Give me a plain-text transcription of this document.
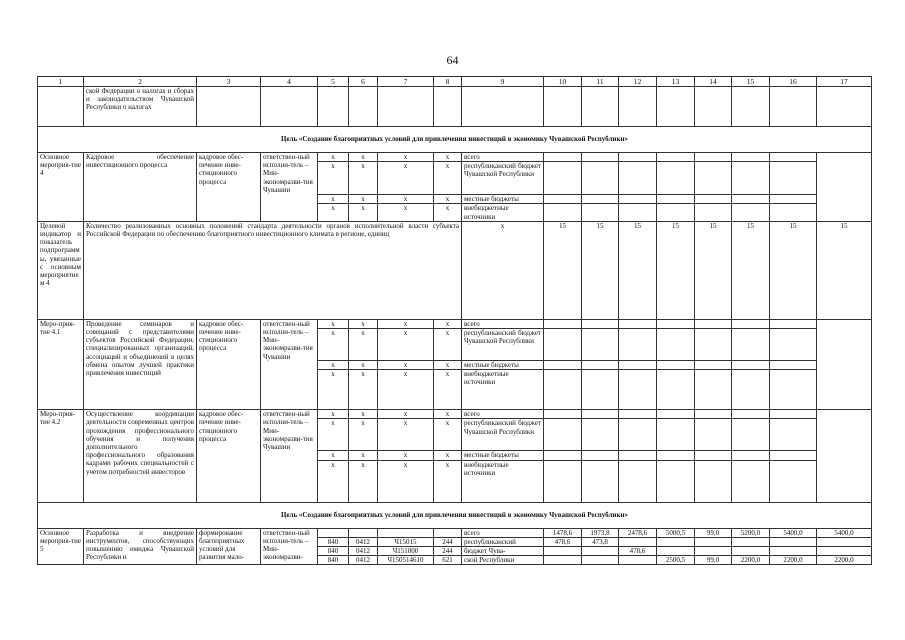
64
1	2	3	4	5	6	7	8	9	10	11	12	13	14	15	16	17
	ской Федерации о налогах и сборах и законодательством Чувашской Республики о налогах															
Цель «Создание благоприятных условий для привлечения инвестиций в экономику Чувашской Республики»																
Основное мероприя-тие 4	Кадровое обеспечение инвестиционного процесса	кадровое обес-печение инве-стиционного процесса	ответствен-ный исполни-тель – Мин-экономразви-тия Чувашии	x	x	x	x	всего								
				x	x	x	x	республиканский бюджет Чувашской Республики								
				x	x	x	x	местные бюджеты								
				x	x	x	x	внебюджетные источники								
Целевой индикатор и показатель подпрограммы, увязанные с основным мероприятием 4	Количество реализованных основных положений стандарта деятельности органов исполнительной власти субъекта Российской Федерации по обеспечению благоприятного инвестиционного климата в регионе, единиц							x	15	15	15	15	15	15	15	15
Меро-прия-тие 4.1	Проведение семинаров и совещаний с представителями субъектов Российской Федерации, специализированных организаций, ассоциаций и объединений в целях обмена опытом лучшей практики привлечения инвестиций	кадровое обес-печение инве-стиционного процесса	ответствен-ный исполни-тель – Мин-экономразви-тия Чувашии	x	x	x	x	всего								
				x	x	x	x	республиканский бюджет Чувашской Республики								
				x	x	x	x	местные бюджеты								
				x	x	x	x	внебюджетные источники								
Меро-прия-тие 4.2	Осуществление координации деятельности современных центров прохождения профессионального обучения и получения дополнительного профессионального образования кадрами рабочих специальностей с учетом потребностей инвесторов	кадровое обес-печение инве-стиционного процесса	ответствен-ный исполни-тель – Мин-экономразви-тия Чувашии	x	x	x	x	всего								
				x	x	x	x	республиканский бюджет Чувашской Республики								
				x	x	x	x	местные бюджеты								
				x	x	x	x	внебюджетные источники								
Цель «Создание благоприятных условий для привлечения инвестиций в экономику Чувашской Республики»																
Основное мероприя-тие 5	Разработка и внедрение инструментов, способствующих повышению имиджа Чувашской Республики и	формирование благоприятных условий для развития мало-	ответствен-ный исполни-тель – Мин-экономразви-					всего	1478,6	1973,8	2478,6	5000,5	99,0	5200,0	5400,0	5400,0
				840	0412	Ч15015	244	республиканский	478,6	473,8						
				840	0412	Ч151000	244	бюджет Чува-			478,6					
				840	0412	Ч150514610	621	ской Республики				2500,5	99,0	2200,0	2200,0	2200,0
